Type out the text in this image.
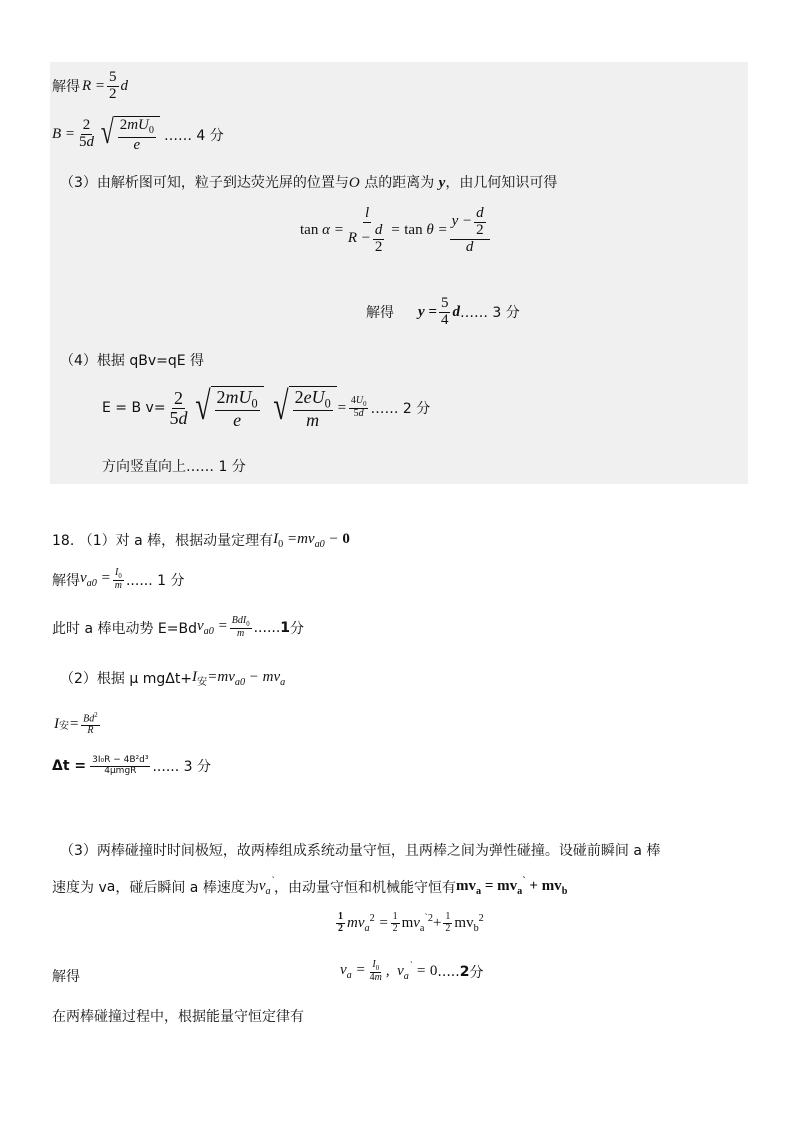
解得 $R = \frac{5}{2}$ d
$B = \frac{2}{5d}$ √ $\frac{2mU_0}{e}$ …… 4 分
（3）由解析图可知，粒子到达荧光屏的位置与O 点的距离为 y，由几何知识可得
$\tan \alpha = \frac{l}{R - \frac{d}{2}} = \tan \theta = \frac{y - \frac{d}{2}}{d}$
解得 $y = \frac{5}{4}$ d …… 3 分
（4）根据 qBv=qE 得
E = B $v= \frac{2}{5d}$ √ $\frac{2mU_0}{e}$ √ $\frac{2eU_0}{m} = \frac{4U_0}{5d}$ …… 2 分
方向竖直向上…… 1 分
18. （1）对 a 棒，根据动量定理有 $I_0 =mv_{a0} - 0$
解得 $v_{a0} = \frac{I_0}{m}$ ...... 1 分
此时 a 棒电动势 E=Bd $v_{a0} = \frac{BdI_0}{m}$ ...... 1 分
（2）根据 μ $mg\Delta t+ I_安=mv_{a0} - mv_a$
I 安 = $\frac{Bd^2}{R}$
$\Delta t = \frac{\text{3I₀R − 4B²d³}}{\text{4μmgR}}$ ...... 3 分
（3）两棒碰撞时时间极短，故两棒组成系统动量守恒，且两棒之间为弹性碰撞。设碰前瞬间 a 棒
速度为 v a ，碰后瞬间 a 棒速度为 $v_a^`$ ，由动量守恒和机械能守恒有 $mv_a = mv_a^` + mv_b$
$\frac{1}{2} mv_a^2 = \frac{1}{2} mv_a^{`2}+ \frac{1}{2} mv_b^2$
解得	$v_a = \frac{I_0}{4m}$ ,  $v_a^` = 0$ ..... 2 分
在两棒碰撞过程中，根据能量守恒定律有
